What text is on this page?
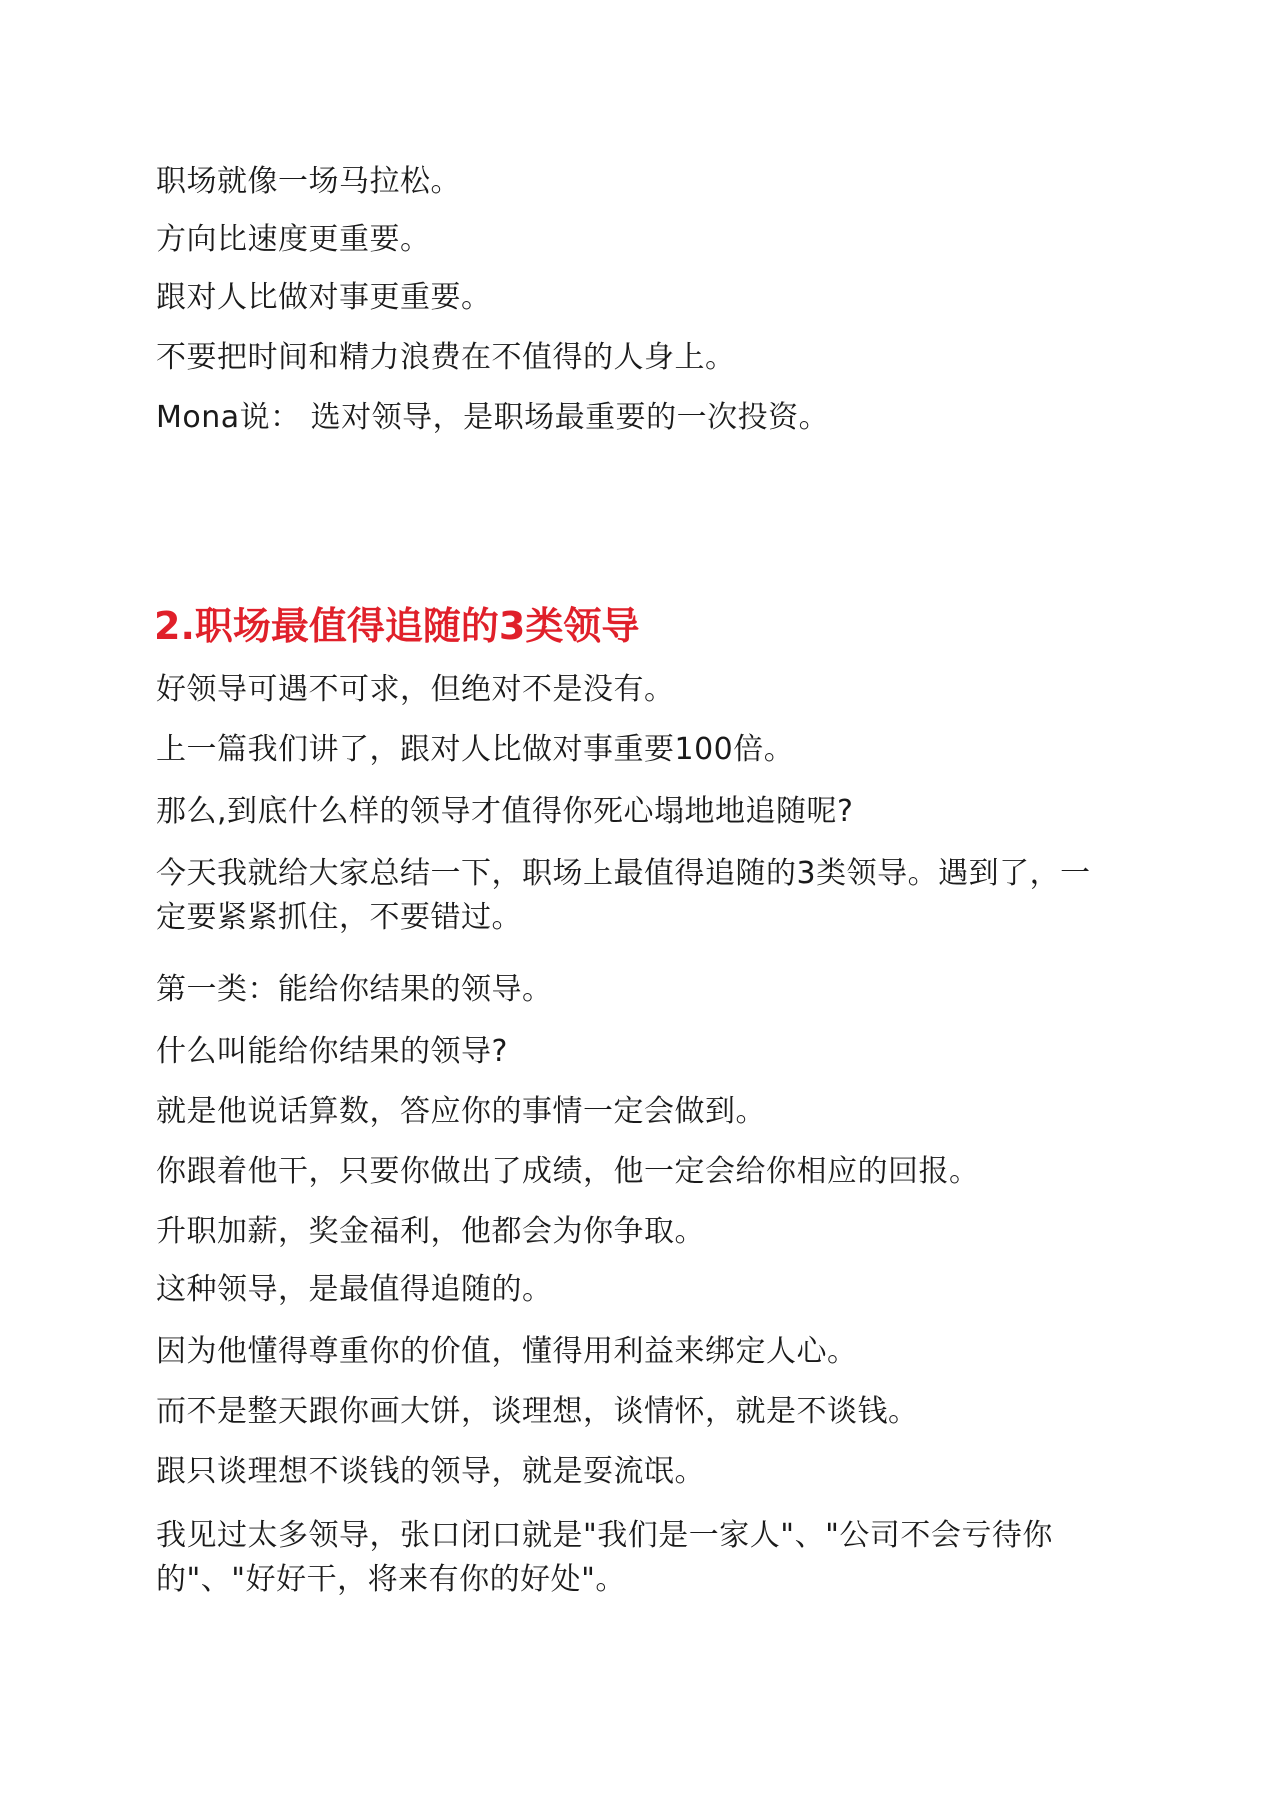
职场就像一场马拉松。
方向比速度更重要。
跟对人比做对事更重要。
不要把时间和精力浪费在不值得的人身上。
Mona说： 选对领导，是职场最重要的一次投资。
2.职场最值得追随的3类领导
好领导可遇不可求，但绝对不是没有。
上一篇我们讲了，跟对人比做对事重要100倍。
那么,到底什么样的领导才值得你死心塌地地追随呢?
今天我就给大家总结一下，职场上最值得追随的3类领导。遇到了，一定要紧紧抓住，不要错过。
第一类：能给你结果的领导。
什么叫能给你结果的领导?
就是他说话算数，答应你的事情一定会做到。
你跟着他干，只要你做出了成绩，他一定会给你相应的回报。
升职加薪，奖金福利，他都会为你争取。
这种领导，是最值得追随的。
因为他懂得尊重你的价值，懂得用利益来绑定人心。
而不是整天跟你画大饼，谈理想，谈情怀，就是不谈钱。
跟只谈理想不谈钱的领导，就是耍流氓。
我见过太多领导，张口闭口就是"我们是一家人"、"公司不会亏待你的"、"好好干，将来有你的好处"。
